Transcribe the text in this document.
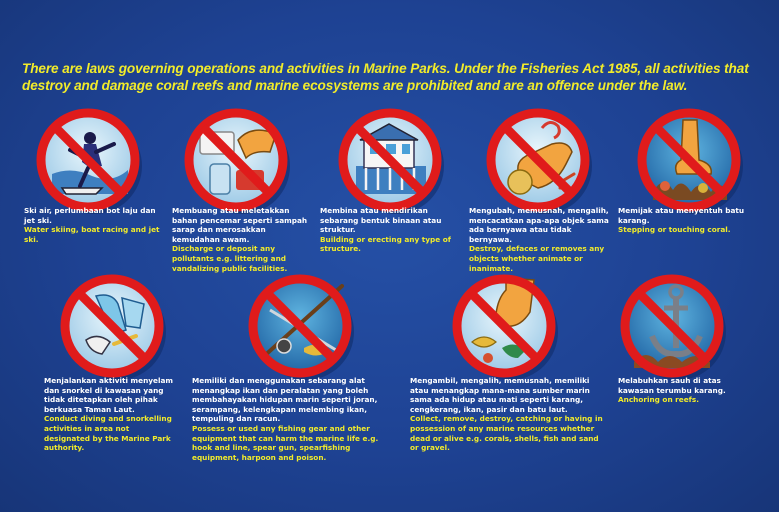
There are laws governing operations and activities in Marine Parks. Under the Fisheries Act 1985, all activities that destroy and damage coral reefs and marine ecosystems are prohibited and are an offence under the law.
Ski air, perlumbaan bot laju dan jet ski.
Water skiing, boat racing and jet ski.
Membuang atau meletakkan bahan pencemar seperti sampah sarap dan merosakkan kemudahan awam.
Discharge or deposit any pollutants e.g. littering and vandalizing public facilities.
Membina atau mendirikan sebarang bentuk binaan atau struktur.
Building or erecting any type of structure.
Mengubah, memusnah, mengalih, mencacatkan apa-apa objek sama ada bernyawa atau tidak bernyawa.
Destroy, defaces or removes any objects whether animate or inanimate.
Memijak atau menyentuh batu karang.
Stepping or touching coral.
Menjalankan aktiviti menyelam dan snorkel di kawasan yang tidak ditetapkan oleh pihak berkuasa Taman Laut.
Conduct diving and snorkelling activities in area not designated by the Marine Park authority.
Memiliki dan menggunakan sebarang alat menangkap ikan dan peralatan yang boleh membahayakan hidupan marin seperti joran, serampang, kelengkapan melembing ikan, tempuling dan racun.
Possess or used any fishing gear and other equipment that can harm the marine life e.g. hook and line, spear gun, spearfishing equipment, harpoon and poison.
Mengambil, mengalih, memusnah, memiliki atau menangkap mana-mana sumber marin sama ada hidup atau mati seperti karang, cengkerang, ikan, pasir dan batu laut.
Collect, remove, destroy, catching or having in possession of any marine resources whether dead or alive e.g. corals, shells, fish and sand or gravel.
Melabuhkan sauh di atas kawasan terumbu karang.
Anchoring on reefs.
